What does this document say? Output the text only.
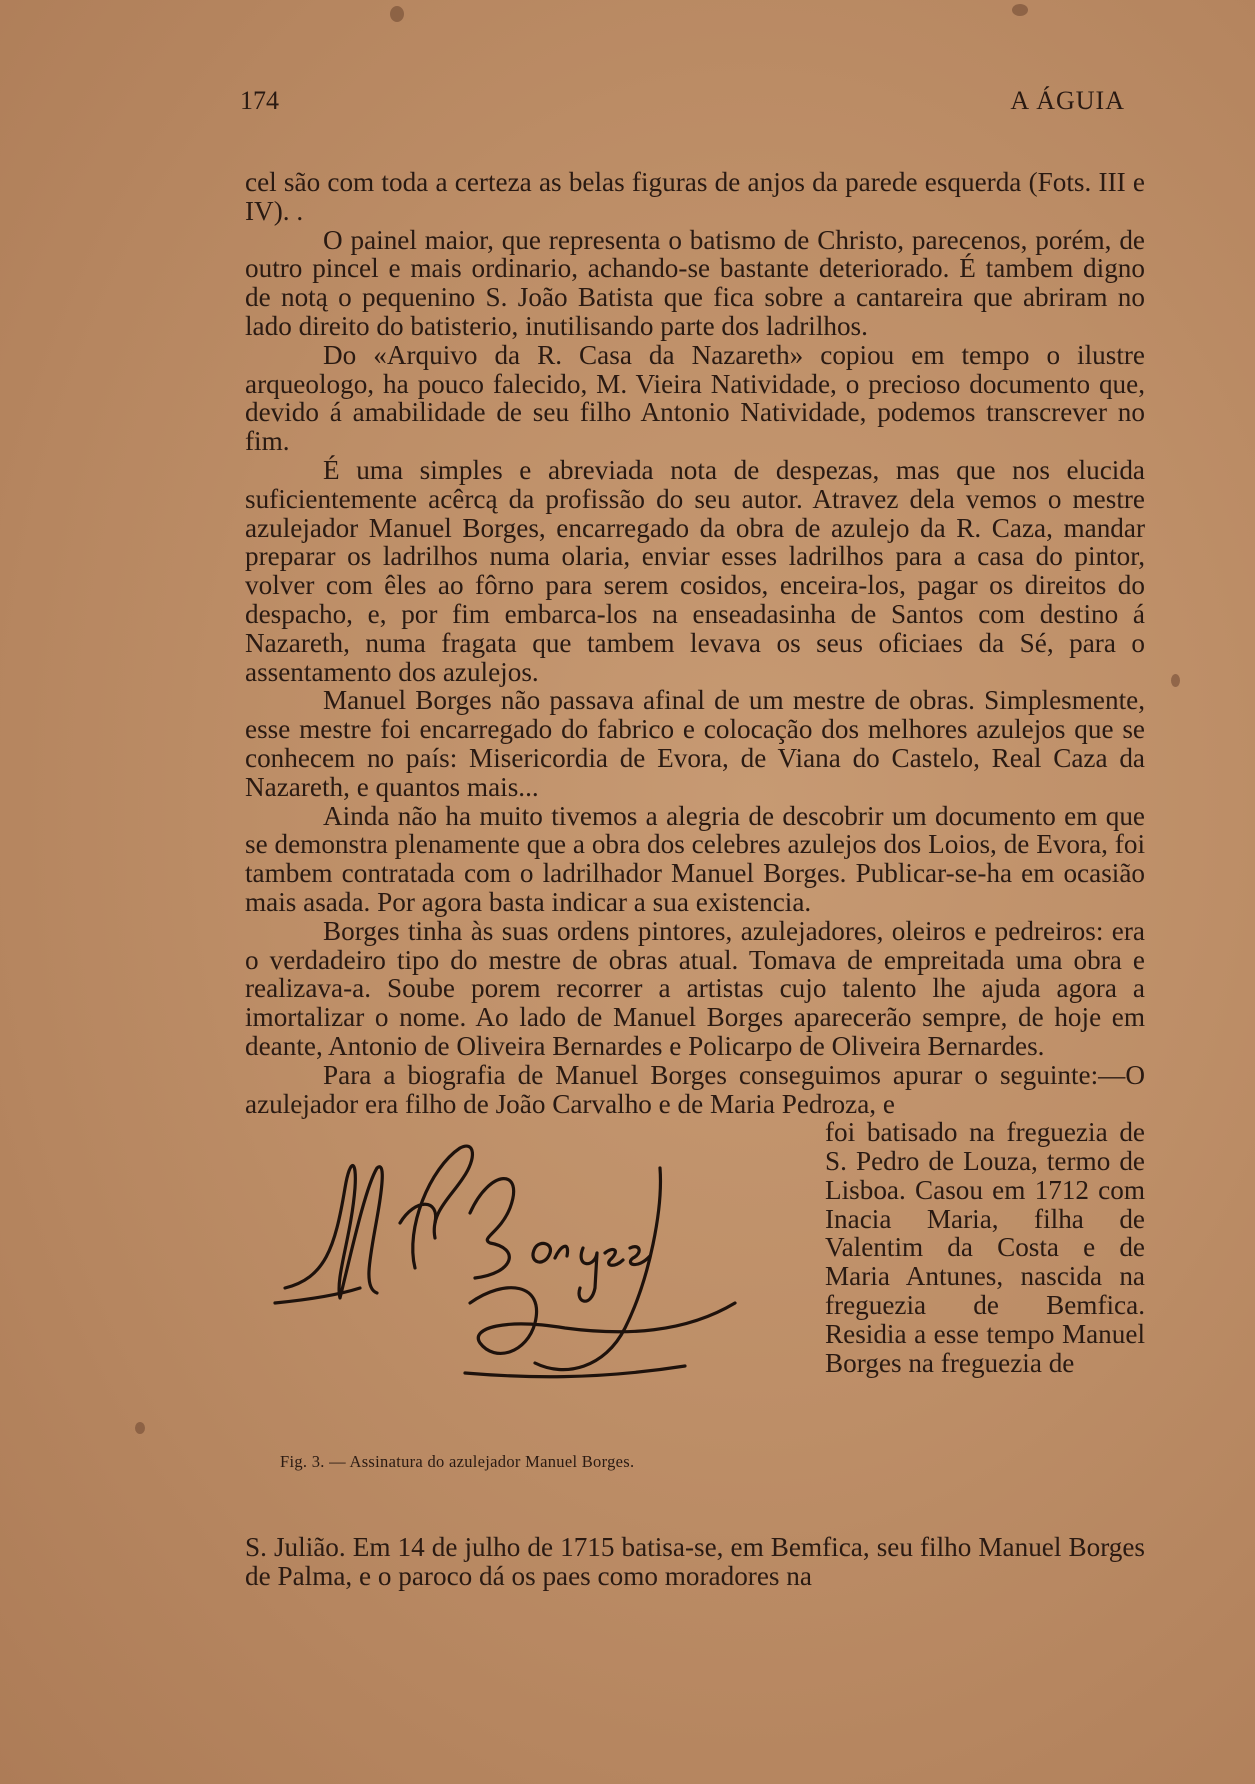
174	A ÁGUIA

cel são com toda a certeza as belas figuras de anjos da parede esquerda (Fots. III e IV). .

O painel maior, que representa o batismo de Christo, parecenos, porém, de outro pincel e mais ordinario, achando-se bastante deteriorado. É tambem digno de notą o pequenino S. João Batista que fica sobre a cantareira que abriram no lado direito do batisterio, inutilisando parte dos ladrilhos.

Do «Arquivo da R. Casa da Nazareth» copiou em tempo o ilustre arqueologo, ha pouco falecido, M. Vieira Natividade, o precioso documento que, devido á amabilidade de seu filho Antonio Natividade, podemos transcrever no fim.

É uma simples e abreviada nota de despezas, mas que nos elucida suficientemente acêrcą da profissão do seu autor. Atravez dela vemos o mestre azulejador Manuel Borges, encarregado da obra de azulejo da R. Caza, mandar preparar os ladrilhos numa olaria, enviar esses ladrilhos para a casa do pintor, volver com êles ao fôrno para serem cosidos, enceira-los, pagar os direitos do despacho, e, por fim embarca-los na enseadasinha de Santos com destino á Nazareth, numa fragata que tambem levava os seus oficiaes da Sé, para o assentamento dos azulejos.

Manuel Borges não passava afinal de um mestre de obras. Simplesmente, esse mestre foi encarregado do fabrico e colocação dos melhores azulejos que se conhecem no país: Misericordia de Evora, de Viana do Castelo, Real Caza da Nazareth, e quantos mais...

Ainda não ha muito tivemos a alegria de descobrir um documento em que se demonstra plenamente que a obra dos celebres azulejos dos Loios, de Evora, foi tambem contratada com o ladrilhador Manuel Borges. Publicar-se-ha em ocasião mais asada. Por agora basta indicar a sua existencia.

Borges tinha às suas ordens pintores, azulejadores, oleiros e pedreiros: era o verdadeiro tipo do mestre de obras atual. Tomava de empreitada uma obra e realizava-a. Soube porem recorrer a artistas cujo talento lhe ajuda agora a imortalizar o nome. Ao lado de Manuel Borges aparecerão sempre, de hoje em deante, Antonio de Oliveira Bernardes e Policarpo de Oliveira Bernardes.

Para a biografia de Manuel Borges conseguimos apurar o seguinte:—O azulejador era filho de João Carvalho e de Maria Pedroza, e

Fig. 3. — Assinatura do azulejador Manuel Borges.

foi batisado na freguezia de S. Pedro de Louza, termo de Lisboa. Casou em 1712 com Inacia Maria, filha de Valentim da Costa e de Maria Antunes, nascida na freguezia de Bemfica. Residia a esse tempo Manuel Borges na freguezia de

S. Julião. Em 14 de julho de 1715 batisa-se, em Bemfica, seu filho Manuel Borges de Palma, e o paroco dá os paes como moradores na
